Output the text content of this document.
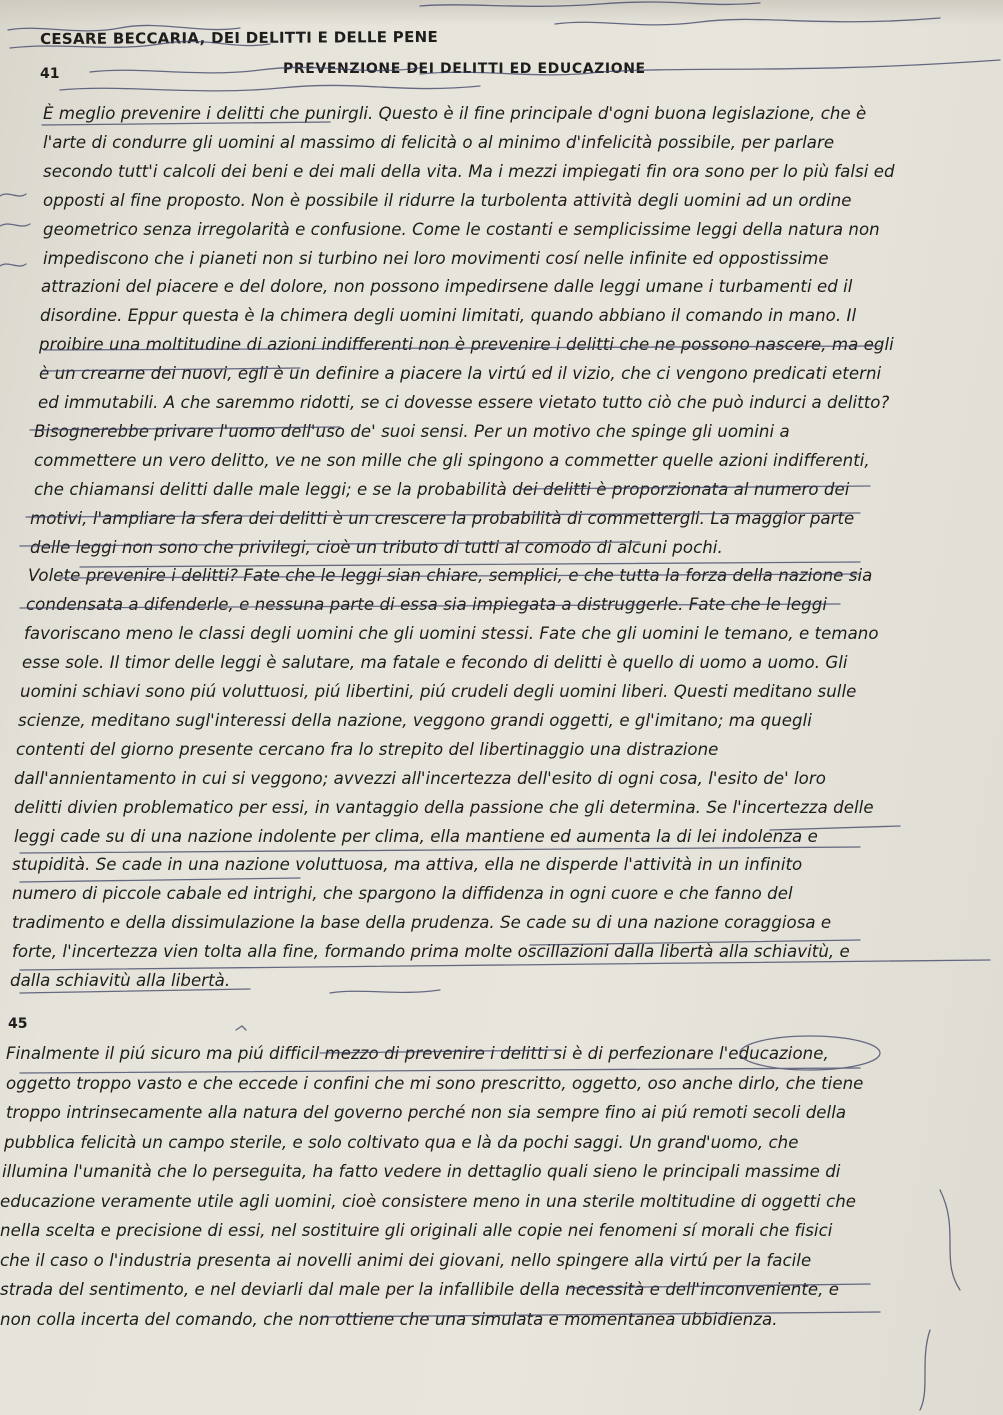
CESARE BECCARIA, DEI DELITTI E DELLE PENE
41	PREVENZIONE DEI DELITTI ED EDUCAZIONE
È meglio prevenire i delitti che punirgli. Questo è il fine principale d'ogni buona legislazione, che è
l'arte di condurre gli uomini al massimo di felicità o al minimo d'infelicità possibile, per parlare
secondo tutt'i calcoli dei beni e dei mali della vita. Ma i mezzi impiegati fin ora sono per lo più falsi ed
opposti al fine proposto. Non è possibile il ridurre la turbolenta attività degli uomini ad un ordine
geometrico senza irregolarità e confusione. Come le costanti e semplicissime leggi della natura non
impediscono che i pianeti non si turbino nei loro movimenti cosí nelle infinite ed oppostissime
attrazioni del piacere e del dolore, non possono impedirsene dalle leggi umane i turbamenti ed il
disordine. Eppur questa è la chimera degli uomini limitati, quando abbiano il comando in mano. Il
proibire una moltitudine di azioni indifferenti non è prevenire i delitti che ne possono nascere, ma egli
è un crearne dei nuovi, egli è un definire a piacere la virtú ed il vizio, che ci vengono predicati eterni
ed immutabili. A che saremmo ridotti, se ci dovesse essere vietato tutto ciò che può indurci a delitto?
Bisognerebbe privare l'uomo dell'uso de' suoi sensi. Per un motivo che spinge gli uomini a
commettere un vero delitto, ve ne son mille che gli spingono a commetter quelle azioni indifferenti,
che chiamansi delitti dalle male leggi; e se la probabilità dei delitti è proporzionata al numero dei
motivi, l'ampliare la sfera dei delitti è un crescere la probabilità di commettergli. La maggior parte
delle leggi non sono che privilegi, cioè un tributo di tutti al comodo di alcuni pochi.
Volete prevenire i delitti? Fate che le leggi sian chiare, semplici, e che tutta la forza della nazione sia
condensata a difenderle, e nessuna parte di essa sia impiegata a distruggerle. Fate che le leggi
favoriscano meno le classi degli uomini che gli uomini stessi. Fate che gli uomini le temano, e temano
esse sole. Il timor delle leggi è salutare, ma fatale e fecondo di delitti è quello di uomo a uomo. Gli
uomini schiavi sono piú voluttuosi, piú libertini, piú crudeli degli uomini liberi. Questi meditano sulle
scienze, meditano sugl'interessi della nazione, veggono grandi oggetti, e gl'imitano; ma quegli
contenti del giorno presente cercano fra lo strepito del libertinaggio una distrazione
dall'annientamento in cui si veggono; avvezzi all'incertezza dell'esito di ogni cosa, l'esito de' loro
delitti divien problematico per essi, in vantaggio della passione che gli determina. Se l'incertezza delle
leggi cade su di una nazione indolente per clima, ella mantiene ed aumenta la di lei indolenza e
stupidità. Se cade in una nazione voluttuosa, ma attiva, ella ne disperde l'attività in un infinito
numero di piccole cabale ed intrighi, che spargono la diffidenza in ogni cuore e che fanno del
tradimento e della dissimulazione la base della prudenza. Se cade su di una nazione coraggiosa e
forte, l'incertezza vien tolta alla fine, formando prima molte oscillazioni dalla libertà alla schiavitù, e
dalla schiavitù alla libertà.
45
Finalmente il piú sicuro ma piú difficil mezzo di prevenire i delitti si è di perfezionare l'educazione,
oggetto troppo vasto e che eccede i confini che mi sono prescritto, oggetto, oso anche dirlo, che tiene
troppo intrinsecamente alla natura del governo perché non sia sempre fino ai piú remoti secoli della
pubblica felicità un campo sterile, e solo coltivato qua e là da pochi saggi. Un grand'uomo, che
illumina l'umanità che lo perseguita, ha fatto vedere in dettaglio quali sieno le principali massime di
educazione veramente utile agli uomini, cioè consistere meno in una sterile moltitudine di oggetti che
nella scelta e precisione di essi, nel sostituire gli originali alle copie nei fenomeni sí morali che fisici
che il caso o l'industria presenta ai novelli animi dei giovani, nello spingere alla virtú per la facile
strada del sentimento, e nel deviarli dal male per la infallibile della necessità e dell'inconveniente, e
non colla incerta del comando, che non ottiene che una simulata e momentanea ubbidienza.
